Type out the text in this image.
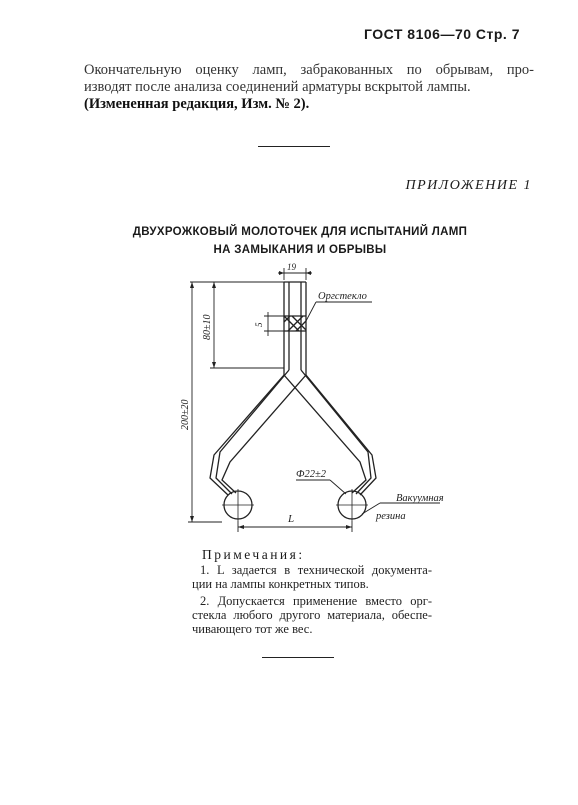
ГОСТ 8106—70 Стр. 7
Окончательную оценку ламп, забракованных по обрывам, про-
изводят после анализа соединений арматуры вскрытой лампы.
(Измененная редакция, Изм. № 2).
ПРИЛОЖЕНИЕ 1
ДВУХРОЖКОВЫЙ МОЛОТОЧЕК ДЛЯ ИСПЫТАНИЙ ЛАМП
НА ЗАМЫКАНИЯ И ОБРЫВЫ
19
5
80±10
200±20
Ф22±2
L
Оргстекло
Вакуумная
резина
Примечания:
1. L задается в технической документа-
ции на лампы конкретных типов.
2. Допускается применение вместо орг-
стекла любого другого материала, обеспе-
чивающего тот же вес.
